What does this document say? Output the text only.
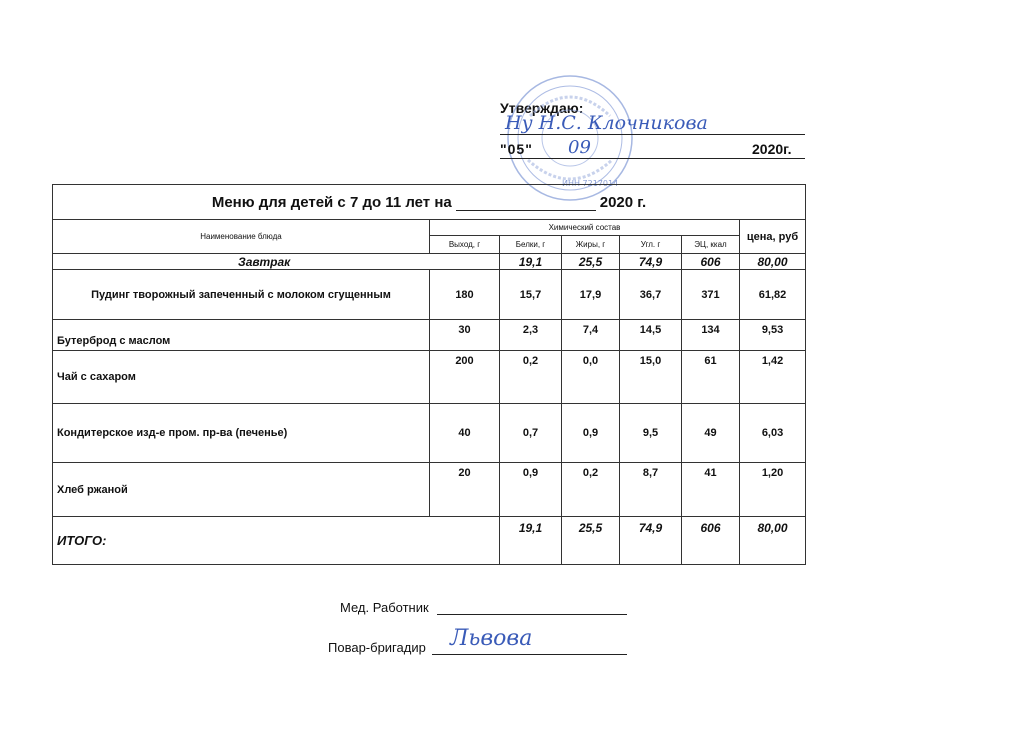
Утверждаю:
ИНН 7217014
Ну Н.С. Клочникова
"05" 09	2020г.
Меню для детей с 7 до 11 лет на 2020 г.						
Наименование блюда	Химический состав					цена, руб
	Выход, г	Белки, г	Жиры, г	Угл. г	ЭЦ, ккал	
Завтрак		19,1	25,5	74,9	606	80,00
Пудинг творожный запеченный с молоком сгущенным	180	15,7	17,9	36,7	371	61,82
Бутерброд с маслом	30	2,3	7,4	14,5	134	9,53
Чай с сахаром	200	0,2	0,0	15,0	61	1,42
Кондитерское изд-е пром. пр-ва (печенье)	40	0,7	0,9	9,5	49	6,03
Хлеб ржаной	20	0,9	0,2	8,7	41	1,20
ИТОГО:		19,1	25,5	74,9	606	80,00
Мед. Работник
Повар-бригадир Львова
